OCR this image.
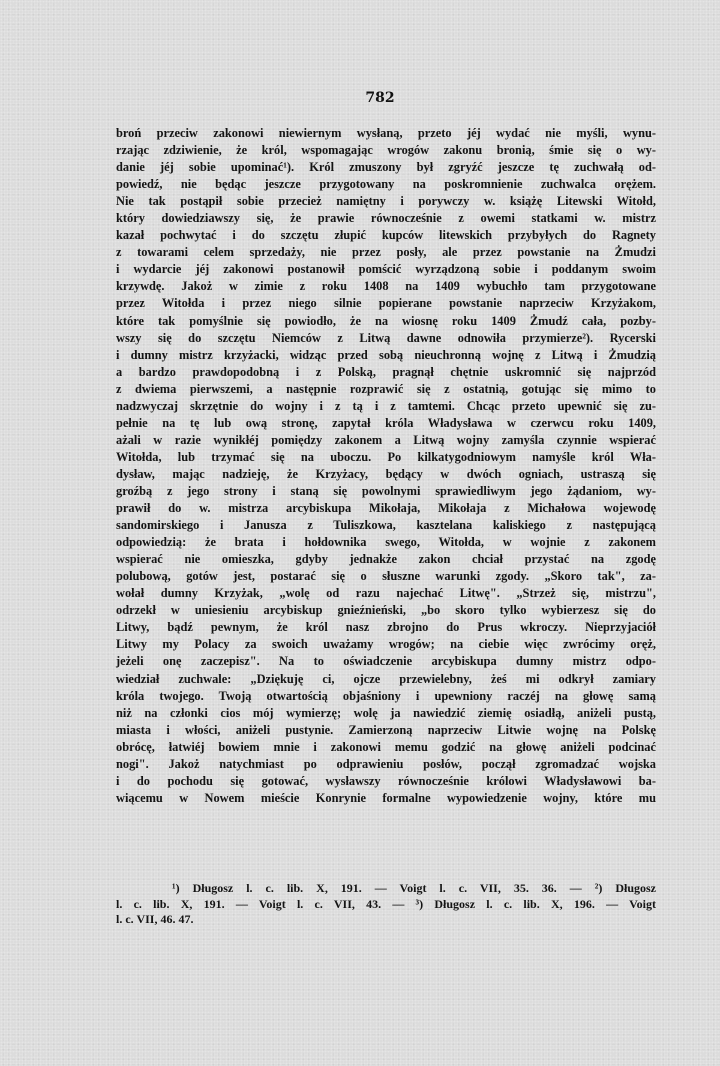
782
broń przeciw zakonowi niewiernym wysłaną, przeto jéj wydać nie myśli, wynu-
rzając zdziwienie, że król, wspomagając wrogów zakonu bronią, śmie się o wy-
danie jéj sobie upominać¹). Król zmuszony był zgryźć jeszcze tę zuchwałą od-
powiedź, nie będąc jeszcze przygotowany na poskromnienie zuchwalca orężem.
Nie tak postąpił sobie przecież namiętny i porywczy w. książę Litewski Witołd,
który dowiedziawszy się, że prawie równocześnie z owemi statkami w. mistrz
kazał pochwytać i do szczętu złupić kupców litewskich przybyłych do Ragnety
z towarami celem sprzedaży, nie przez posły, ale przez powstanie na Żmudzi
i wydarcie jéj zakonowi postanowił pomścić wyrządzoną sobie i poddanym swoim
krzywdę. Jakoż w zimie z roku 1408 na 1409 wybuchło tam przygotowane
przez Witołda i przez niego silnie popierane powstanie naprzeciw Krzyżakom,
które tak pomyślnie się powiodło, że na wiosnę roku 1409 Żmudź cała, pozby-
wszy się do szczętu Niemców z Litwą dawne odnowiła przymierze²). Rycerski
i dumny mistrz krzyżacki, widząc przed sobą nieuchronną wojnę z Litwą i Żmudzią
a bardzo prawdopodobną i z Polską, pragnął chętnie uskromnić się najprzód
z dwiema pierwszemi, a następnie rozprawić się z ostatnią, gotując się mimo to
nadzwyczaj skrzętnie do wojny i z tą i z tamtemi. Chcąc przeto upewnić się zu-
pełnie na tę lub ową stronę, zapytał króla Władysława w czerwcu roku 1409,
ażali w razie wynikłéj pomiędzy zakonem a Litwą wojny zamyśla czynnie wspierać
Witołda, lub trzymać się na uboczu. Po kilkatygodniowym namyśle król Wła-
dysław, mając nadzieję, że Krzyżacy, będący w dwóch ogniach, ustraszą się
groźbą z jego strony i staną się powolnymi sprawiedliwym jego żądaniom, wy-
prawił do w. mistrza arcybiskupa Mikołaja, Mikołaja z Michałowa wojewodę
sandomirskiego i Janusza z Tuliszkowa, kasztelana kaliskiego z następującą
odpowiedzią: że brata i hołdownika swego, Witołda, w wojnie z zakonem
wspierać nie omieszka, gdyby jednakże zakon chciał przystać na zgodę
polubową, gotów jest, postarać się o słuszne warunki zgody. „Skoro tak", za-
wołał dumny Krzyżak, „wolę od razu najechać Litwę". „Strzeż się, mistrzu",
odrzekł w uniesieniu arcybiskup gnieźnieński, „bo skoro tylko wybierzesz się do
Litwy, bądź pewnym, że król nasz zbrojno do Prus wkroczy. Nieprzyjaciół
Litwy my Polacy za swoich uważamy wrogów; na ciebie więc zwrócimy oręż,
jeżeli onę zaczepisz". Na to oświadczenie arcybiskupa dumny mistrz odpo-
wiedział zuchwale: „Dziękuję ci, ojcze przewielebny, żeś mi odkrył zamiary
króla twojego. Twoją otwartością objaśniony i upewniony raczéj na głowę samą
niż na członki cios mój wymierzę; wolę ja nawiedzić ziemię osiadłą, aniżeli pustą,
miasta i włości, aniżeli pustynie. Zamierzoną naprzeciw Litwie wojnę na Polskę
obrócę, łatwiéj bowiem mnie i zakonowi memu godzić na głowę aniżeli podcinać
nogi". Jakoż natychmiast po odprawieniu posłów, począł zgromadzać wojska
i do pochodu się gotować, wysławszy równocześnie królowi Władysławowi ba-
wiącemu w Nowem mieście Konrynie formalne wypowiedzenie wojny, które mu
¹) Długosz l. c. lib. X, 191. — Voigt l. c. VII, 35. 36. — ²) Długosz
l. c. lib. X, 191. — Voigt l. c. VII, 43. — ³) Długosz l. c. lib. X, 196. — Voigt
l. c. VII, 46. 47.
